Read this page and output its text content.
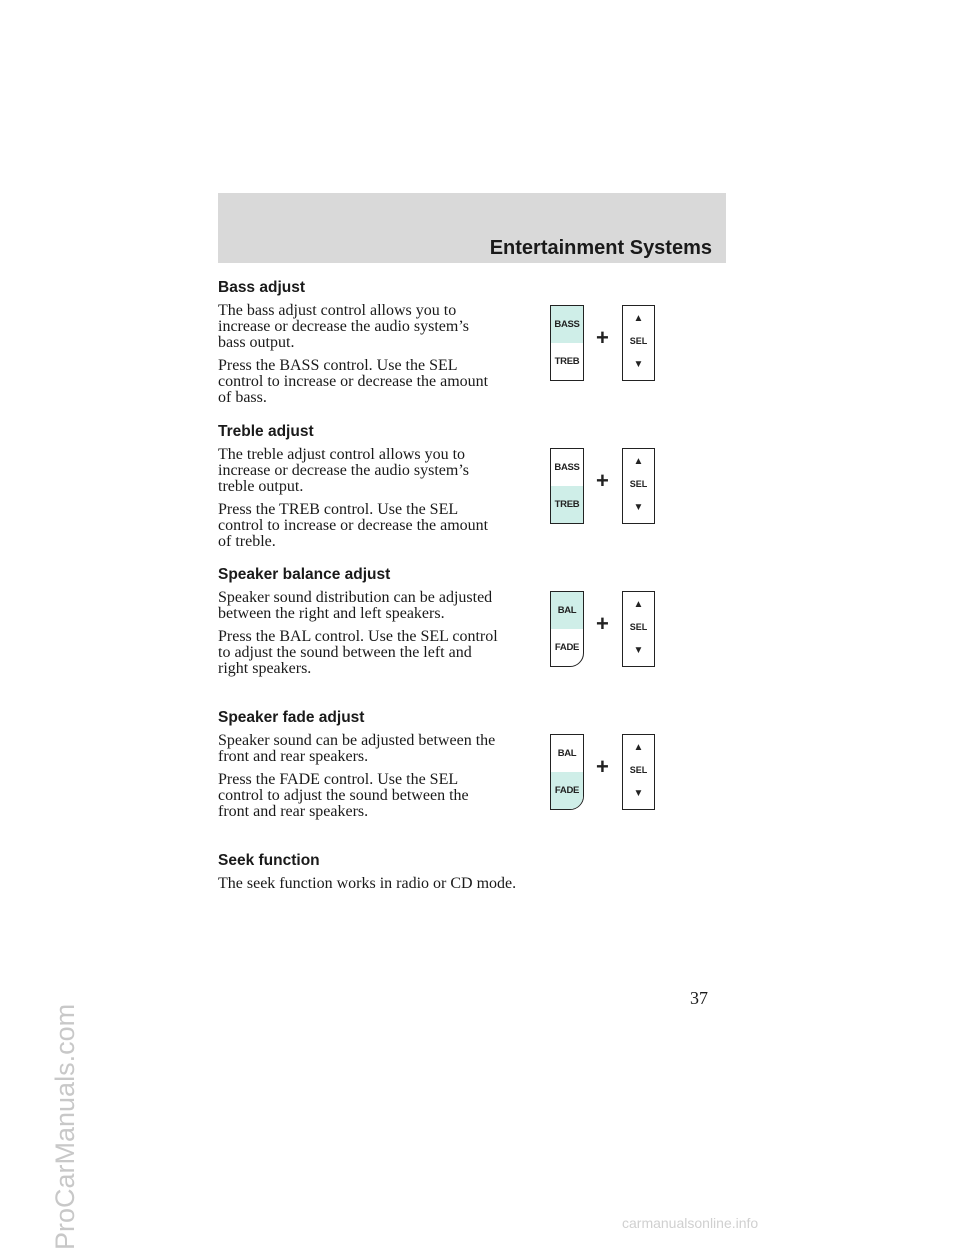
ProCarManuals.com
Entertainment Systems
Bass adjust

The bass adjust control allows you to increase or decrease the audio system’s bass output.

Press the BASS control. Use the SEL control to increase or decrease the amount of bass.

Treble adjust

The treble adjust control allows you to increase or decrease the audio system’s treble output.

Press the TREB control. Use the SEL control to increase or decrease the amount of treble.

Speaker balance adjust

Speaker sound distribution can be adjusted between the right and left speakers.

Press the BAL control. Use the SEL control to adjust the sound between the left and right speakers.

Speaker fade adjust

Speaker sound can be adjusted between the front and rear speakers.

Press the FADE control. Use the SEL control to adjust the sound between the front and rear speakers.

Seek function

The seek function works in radio or CD mode.

BASS
TREB
+
▲
SEL
▼
BASS
TREB
+
▲
SEL
▼
BAL
FADE
+
▲
SEL
▼
BAL
FADE
+
▲
SEL
▼
37
carmanualsonline.info
